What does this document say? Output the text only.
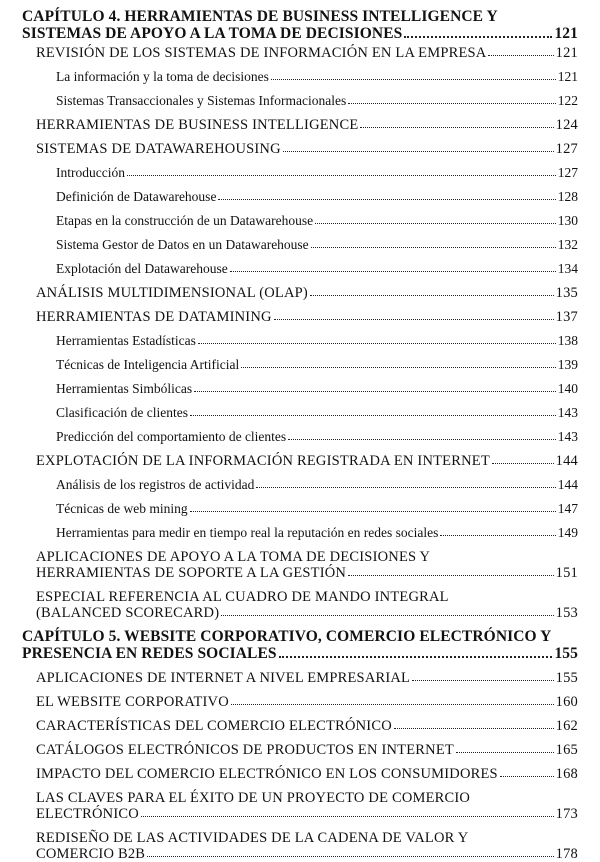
CAPÍTULO 4. HERRAMIENTAS DE BUSINESS INTELLIGENCE Y
SISTEMAS DE APOYO A LA TOMA DE DECISIONES	121
REVISIÓN DE LOS SISTEMAS DE INFORMACIÓN EN LA EMPRESA	121
La información y la toma de decisiones	121
Sistemas Transaccionales y Sistemas Informacionales	122
HERRAMIENTAS DE BUSINESS INTELLIGENCE	124
SISTEMAS DE DATAWAREHOUSING	127
Introducción	127
Definición de Datawarehouse	128
Etapas en la construcción de un Datawarehouse	130
Sistema Gestor de Datos en un Datawarehouse	132
Explotación del Datawarehouse	134
ANÁLISIS MULTIDIMENSIONAL (OLAP)	135
HERRAMIENTAS DE DATAMINING	137
Herramientas Estadísticas	138
Técnicas de Inteligencia Artificial	139
Herramientas Simbólicas	140
Clasificación de clientes	143
Predicción del comportamiento de clientes	143
EXPLOTACIÓN DE LA INFORMACIÓN REGISTRADA EN INTERNET	144
Análisis de los registros de actividad	144
Técnicas de web mining	147
Herramientas para medir en tiempo real la reputación en redes sociales	149
APLICACIONES DE APOYO A LA TOMA DE DECISIONES Y
HERRAMIENTAS DE SOPORTE A LA GESTIÓN	151
ESPECIAL REFERENCIA AL CUADRO DE MANDO INTEGRAL
(BALANCED SCORECARD)	153
CAPÍTULO 5. WEBSITE CORPORATIVO, COMERCIO ELECTRÓNICO Y
PRESENCIA EN REDES SOCIALES	155
APLICACIONES DE INTERNET A NIVEL EMPRESARIAL	155
EL WEBSITE CORPORATIVO	160
CARACTERÍSTICAS DEL COMERCIO ELECTRÓNICO	162
CATÁLOGOS ELECTRÓNICOS DE PRODUCTOS EN INTERNET	165
IMPACTO DEL COMERCIO ELECTRÓNICO EN LOS CONSUMIDORES	168
LAS CLAVES PARA EL ÉXITO DE UN PROYECTO DE COMERCIO
ELECTRÓNICO	173
REDISEÑO DE LAS ACTIVIDADES DE LA CADENA DE VALOR Y
COMERCIO B2B	178
